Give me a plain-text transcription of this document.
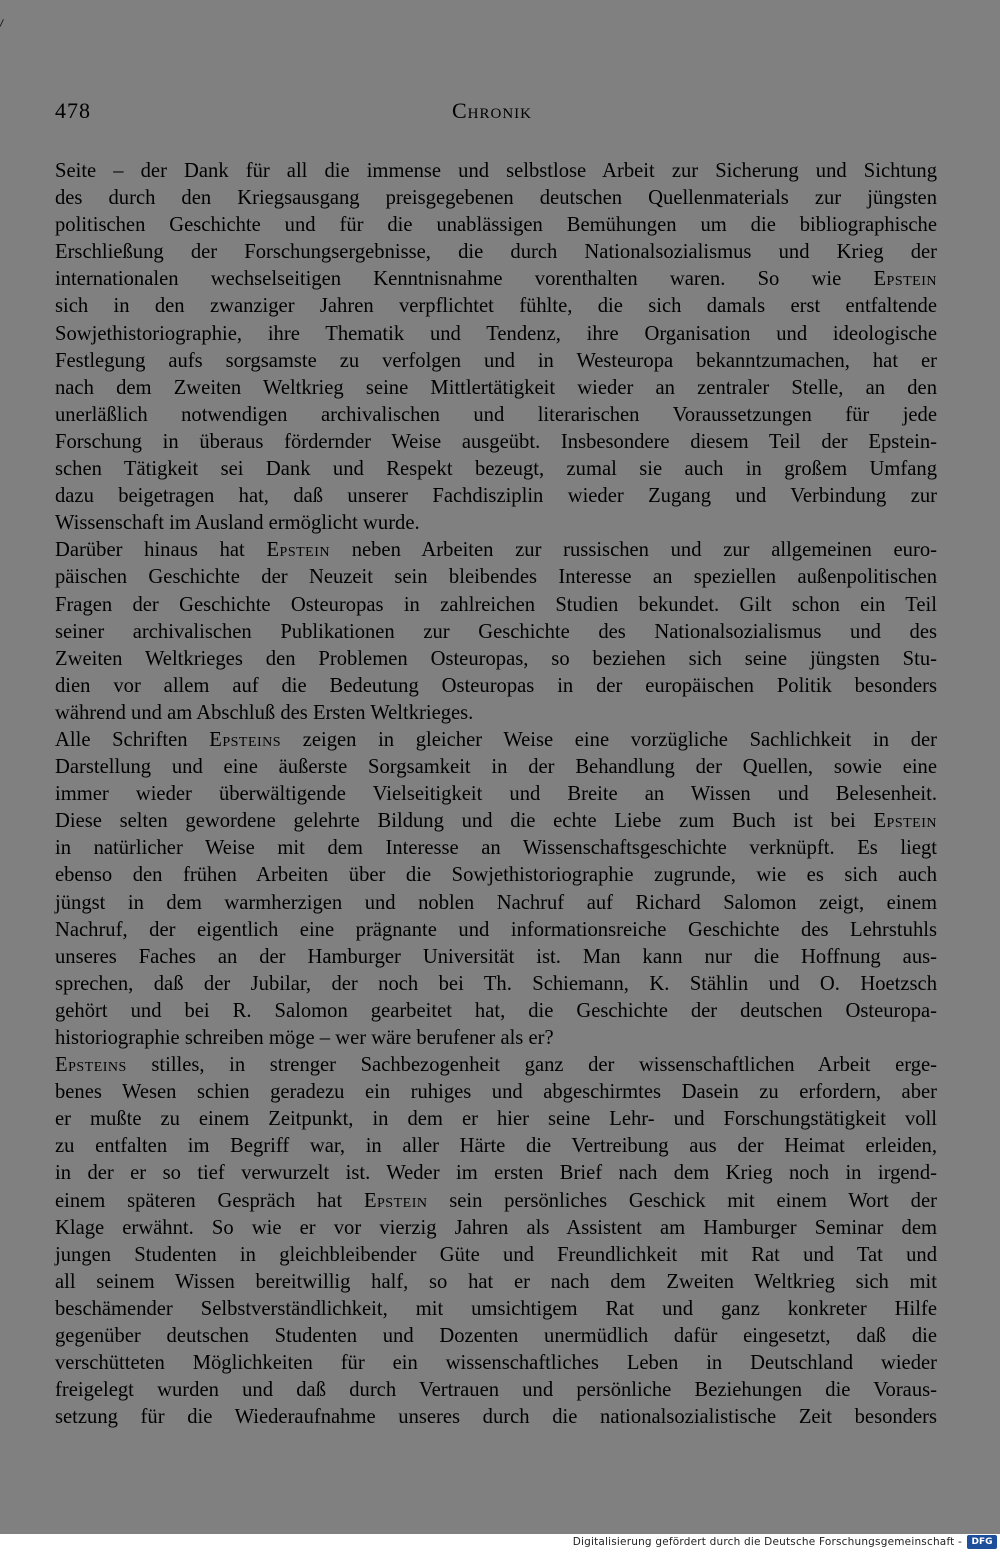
478	Chronik
Seite – der Dank für all die immense und selbstlose Arbeit zur Sicherung und Sichtung
des durch den Kriegsausgang preisgegebenen deutschen Quellenmaterials zur jüngsten
politischen Geschichte und für die unablässigen Bemühungen um die bibliographische
Erschließung der Forschungsergebnisse, die durch Nationalsozialismus und Krieg der
internationalen wechselseitigen Kenntnisnahme vorenthalten waren. So wie Epstein
sich in den zwanziger Jahren verpflichtet fühlte, die sich damals erst entfaltende
Sowjethistoriographie, ihre Thematik und Tendenz, ihre Organisation und ideologische
Festlegung aufs sorgsamste zu verfolgen und in Westeuropa bekanntzumachen, hat er
nach dem Zweiten Weltkrieg seine Mittlertätigkeit wieder an zentraler Stelle, an den
unerläßlich notwendigen archivalischen und literarischen Voraussetzungen für jede
Forschung in überaus fördernder Weise ausgeübt. Insbesondere diesem Teil der Epstein-
schen Tätigkeit sei Dank und Respekt bezeugt, zumal sie auch in großem Umfang
dazu beigetragen hat, daß unserer Fachdisziplin wieder Zugang und Verbindung zur
Wissenschaft im Ausland ermöglicht wurde.
Darüber hinaus hat Epstein neben Arbeiten zur russischen und zur allgemeinen euro-
päischen Geschichte der Neuzeit sein bleibendes Interesse an speziellen außenpolitischen
Fragen der Geschichte Osteuropas in zahlreichen Studien bekundet. Gilt schon ein Teil
seiner archivalischen Publikationen zur Geschichte des Nationalsozialismus und des
Zweiten Weltkrieges den Problemen Osteuropas, so beziehen sich seine jüngsten Stu-
dien vor allem auf die Bedeutung Osteuropas in der europäischen Politik besonders
während und am Abschluß des Ersten Weltkrieges.
Alle Schriften Epsteins zeigen in gleicher Weise eine vorzügliche Sachlichkeit in der
Darstellung und eine äußerste Sorgsamkeit in der Behandlung der Quellen, sowie eine
immer wieder überwältigende Vielseitigkeit und Breite an Wissen und Belesenheit.
Diese selten gewordene gelehrte Bildung und die echte Liebe zum Buch ist bei Epstein
in natürlicher Weise mit dem Interesse an Wissenschaftsgeschichte verknüpft. Es liegt
ebenso den frühen Arbeiten über die Sowjethistoriographie zugrunde, wie es sich auch
jüngst in dem warmherzigen und noblen Nachruf auf Richard Salomon zeigt, einem
Nachruf, der eigentlich eine prägnante und informationsreiche Geschichte des Lehrstuhls
unseres Faches an der Hamburger Universität ist. Man kann nur die Hoffnung aus-
sprechen, daß der Jubilar, der noch bei Th. Schiemann, K. Stählin und O. Hoetzsch
gehört und bei R. Salomon gearbeitet hat, die Geschichte der deutschen Osteuropa-
historiographie schreiben möge – wer wäre berufener als er?
Epsteins stilles, in strenger Sachbezogenheit ganz der wissenschaftlichen Arbeit erge-
benes Wesen schien geradezu ein ruhiges und abgeschirmtes Dasein zu erfordern, aber
er mußte zu einem Zeitpunkt, in dem er hier seine Lehr- und Forschungstätigkeit voll
zu entfalten im Begriff war, in aller Härte die Vertreibung aus der Heimat erleiden,
in der er so tief verwurzelt ist. Weder im ersten Brief nach dem Krieg noch in irgend-
einem späteren Gespräch hat Epstein sein persönliches Geschick mit einem Wort der
Klage erwähnt. So wie er vor vierzig Jahren als Assistent am Hamburger Seminar dem
jungen Studenten in gleichbleibender Güte und Freundlichkeit mit Rat und Tat und
all seinem Wissen bereitwillig half, so hat er nach dem Zweiten Weltkrieg sich mit
beschämender Selbstverständlichkeit, mit umsichtigem Rat und ganz konkreter Hilfe
gegenüber deutschen Studenten und Dozenten unermüdlich dafür eingesetzt, daß die
verschütteten Möglichkeiten für ein wissenschaftliches Leben in Deutschland wieder
freigelegt wurden und daß durch Vertrauen und persönliche Beziehungen die Voraus-
setzung für die Wiederaufnahme unseres durch die nationalsozialistische Zeit besonders
Digitalisierung gefördert durch die Deutsche Forschungsgemeinschaft -	DFG
